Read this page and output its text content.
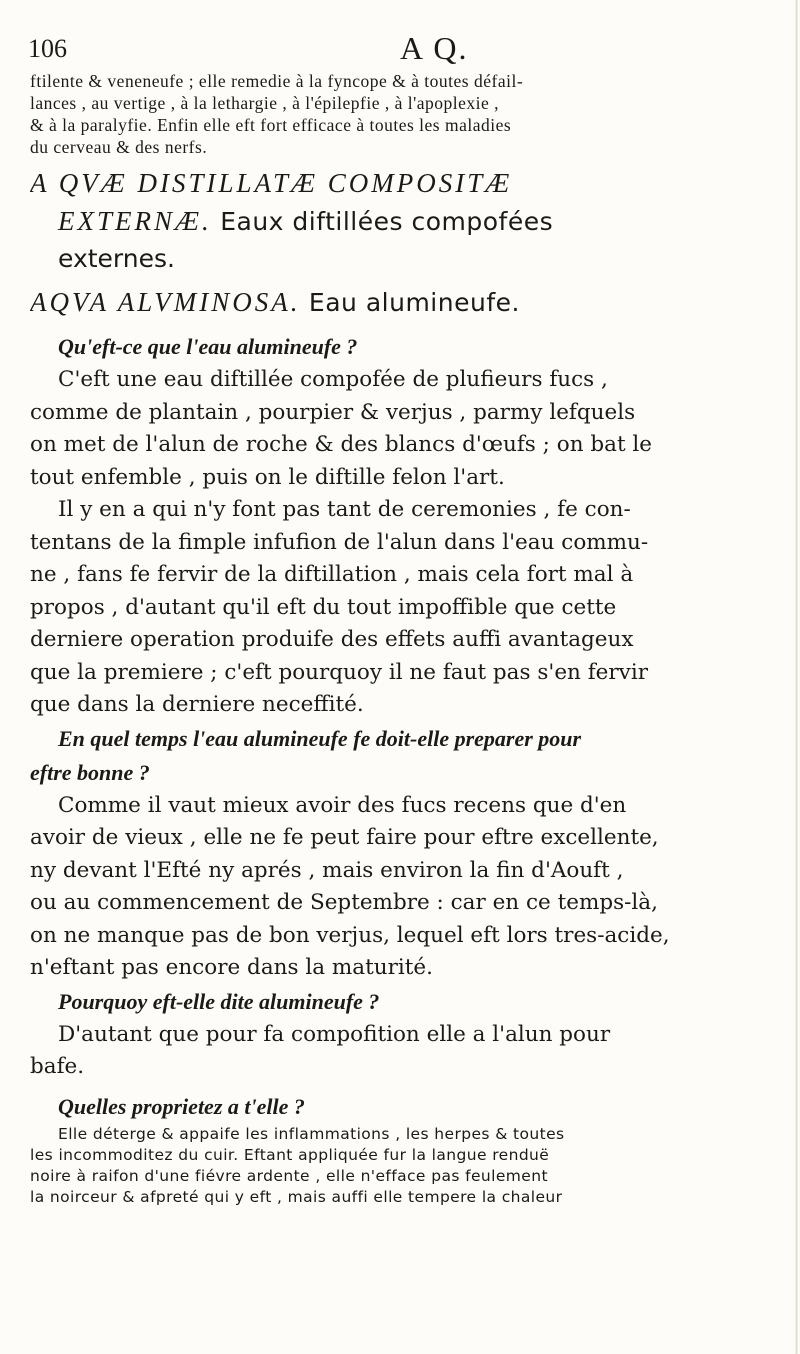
106	A Q.
ftilente & veneneufe ; elle remedie à la fyncope & à toutes défail-
lances , au vertige , à la lethargie , à l'épilepfie , à l'apoplexie ,
& à la paralyfie. Enfin elle eft fort efficace à toutes les maladies
du cerveau & des nerfs.
A QVÆ DISTILLATÆ COMPOSITÆ
EXTERNÆ. Eaux diftillées compofées
externes.
AQVA ALVMINOSA. Eau alumineufe.
Qu'eft-ce que l'eau alumineufe ?
C'eft une eau diftillée compofée de plufieurs fucs ,
comme de plantain , pourpier & verjus , parmy lefquels
on met de l'alun de roche & des blancs d'œufs ; on bat le
tout enfemble , puis on le diftille felon l'art.
Il y en a qui n'y font pas tant de ceremonies , fe con-
tentans de la fimple infufion de l'alun dans l'eau commu-
ne , fans fe fervir de la diftillation , mais cela fort mal à
propos , d'autant qu'il eft du tout impoffible que cette
derniere operation produife des effets auffi avantageux
que la premiere ; c'eft pourquoy il ne faut pas s'en fervir
que dans la derniere neceffité.
En quel temps l'eau alumineufe fe doit-elle preparer pour
eftre bonne ?
Comme il vaut mieux avoir des fucs recens que d'en
avoir de vieux , elle ne fe peut faire pour eftre excellente,
ny devant l'Efté ny aprés , mais environ la fin d'Aouft ,
ou au commencement de Septembre : car en ce temps-là,
on ne manque pas de bon verjus, lequel eft lors tres-acide,
n'eftant pas encore dans la maturité.
Pourquoy eft-elle dite alumineufe ?
D'autant que pour fa compofition elle a l'alun pour
bafe.
Quelles proprietez a t'elle ?
Elle déterge & appaife les inflammations , les herpes & toutes
les incommoditez du cuir. Eftant appliquée fur la langue renduë
noire à raifon d'une fiévre ardente , elle n'efface pas feulement
la noirceur & afpreté qui y eft , mais auffi elle tempere la chaleur
